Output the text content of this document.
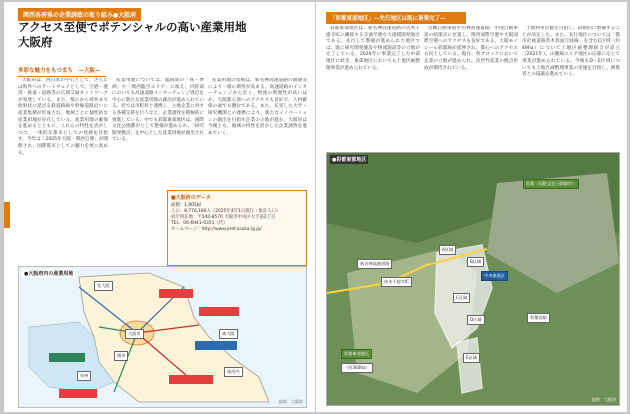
関西各府県の企業誘致の取り組み●大阪府
アクセス至便でポテンシャルの高い産業用地
大阪府
多彩な魅力をもつまち　—大阪—

大阪府は、西日本の中心として、さらには海外へのゲートウェイとして、空港・港湾・鉄道・道路等の広域交通ネットワークが発達している。また、都心から郊外まで放射状に延びる鉄道路線や幹線道路沿いに産業集積が形成され、地域ごとに個性的な産業用地が存在している。産業用地の確保を進めるとともに、これらの特性を活かしつつ、一体的な都市としての発展を目指す。今年は「2025年大阪・関西万博」が開催され、国際都市としての魅力を更に高める。

産業用地については、臨海部の「咲・夢洲」や「関西臨空エリア」に加え、内陸部においても高速道路インターチェンジ周辺を中心に新たな産業用地の創出が進められている。府では市町村と連携し、立地企業に対する各種支援を行うなど、企業誘致を積極的に推進している。中でも彩都東部地区は、国際文化公園都市として整備が進められ、「研究開発拠点」を中心とした産業用地が創出されている。

産業用地の集積は、新名神高速道路の開通等により一層の期待が高まる。高速道路のインターチェンジから近く、物流の利便性が高いほか、大阪都心部へのアクセスも良好で、人材確保の面でも優位である。また、充実した大学・研究機関との連携により、新たなイノベーションの創出を目指す企業の立地が進む。大阪府は今後とも、地域の特性を活かした企業誘致を進めていく。

■大阪府のデータ
面積：1,905㎢
人口：8,776,186人（2025年4月1日現在・推計人口）
府庁所在地：〒540-8570 大阪市中央区大手前2丁目
TEL：06-6941-0351（代）
ホームページ：http://www.pref.osaka.lg.jp/
●大阪府内の産業用地
北大阪
東大阪
南河内
泉州
大阪市
堺市
提供：大阪府
「彩都東部地区」—先行地区は既に事業完了—

彩都東部地区は、新名神高速道路の茨木千提寺ICに隣接する交通至便な大規模開発地区である。先行して整備が進められた地区では、既に研究開発施設や物流施設等の立地が完了している。2020年に事業完了した中部地区に続き、東部地区においても土地区画整理事業が進められている。

近畿自動車道や名神高速道路、中国自動車道の結節点に位置し、関西国際空港や大阪国際空港へのアクセスも良好である。大阪モノレール彩都線が延伸され、都心へのアクセスも向上している。現在、各ブロックにおいて企業の立地が進められ、次世代産業の拠点形成が期待されている。

土地利用計画を目指し、段階的に整備することが決定した。また、先行地区については「都市計画道路茨木箕面丘陵線」を含むC区域（約49ha）について土地区画整理組合が設立（2021年）。山麓線エリア地区の応募に応じて事業が進められている。今後もD・E区域についても土地区画整理事業の実施を目指し、関係者との協議を進めていく。

●彩都東部地区
彩都（国際文化公園都市）
新名神高速道路
茨木千提寺IC
A区域
B区域
中央東地区
C区域
D区域
E区域
彩都西駅
彩都東部地区
（約360ha）
提供：大阪府
